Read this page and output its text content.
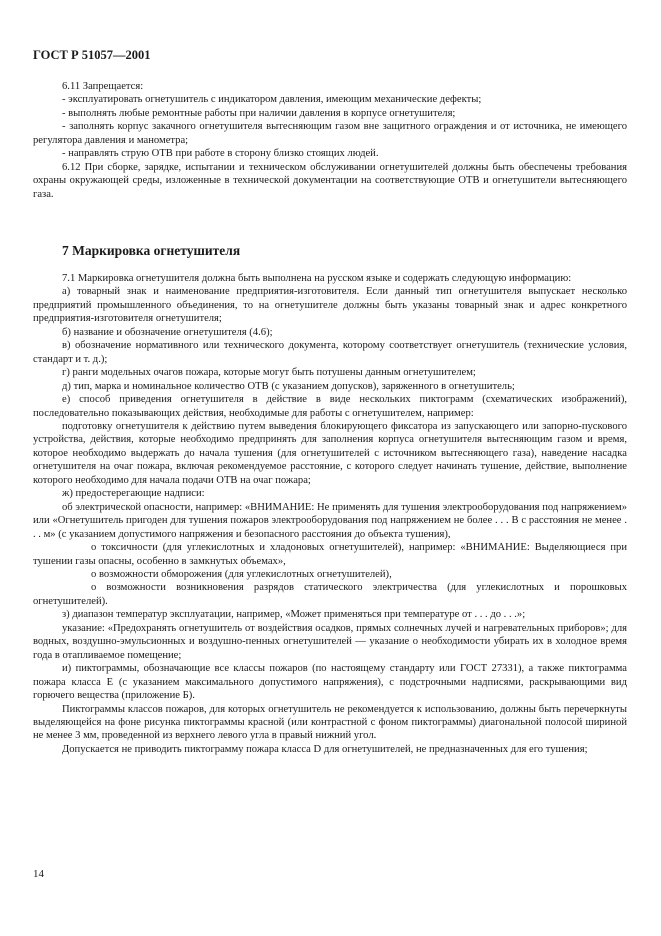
ГОСТ Р 51057—2001

6.11 Запрещается:

- эксплуатировать огнетушитель с индикатором давления, имеющим механические дефекты;

- выполнять любые ремонтные работы при наличии давления в корпусе огнетушителя;

- заполнять корпус закачного огнетушителя вытесняющим газом вне защитного ограждения и от источника, не имеющего регулятора давления и манометра;

- направлять струю ОТВ при работе в сторону близко стоящих людей.

6.12 При сборке, зарядке, испытании и техническом обслуживании огнетушителей должны быть обеспечены требования охраны окружающей среды, изложенные в технической документации на соответствующие ОТВ и огнетушители вытесняющего газа.

7 Маркировка огнетушителя

7.1 Маркировка огнетушителя должна быть выполнена на русском языке и содержать следующую информацию:

а) товарный знак и наименование предприятия-изготовителя. Если данный тип огнетушителя выпускает несколько предприятий промышленного объединения, то на огнетушителе должны быть указаны товарный знак и адрес конкретного предприятия-изготовителя огнетушителя;

б) название и обозначение огнетушителя (4.6);

в) обозначение нормативного или технического документа, которому соответствует огнетушитель (технические условия, стандарт и т. д.);

г) ранги модельных очагов пожара, которые могут быть потушены данным огнетушителем;

д) тип, марка и номинальное количество ОТВ (с указанием допусков), заряженного в огнетушитель;

е) способ приведения огнетушителя в действие в виде нескольких пиктограмм (схематических изображений), последовательно показывающих действия, необходимые для работы с огнетушителем, например:

подготовку огнетушителя к действию путем выведения блокирующего фиксатора из запускающего или запорно-пускового устройства, действия, которые необходимо предпринять для заполнения корпуса огнетушителя вытесняющим газом и время, которое необходимо выдержать до начала тушения (для огнетушителей с источником вытесняющего газа), наведение насадка огнетушителя на очаг пожара, включая рекомендуемое расстояние, с которого следует начинать тушение, действие, выполнение которого необходимо для начала подачи ОТВ на очаг пожара;

ж) предостерегающие надписи:

об электрической опасности, например: «ВНИМАНИЕ: Не применять для тушения электрооборудования под напряжением» или «Огнетушитель пригоден для тушения пожаров электрооборудования под напряжением не более . . . В с расстояния не менее . . . м» (с указанием допустимого напряжения и безопасного расстояния до объекта тушения),

о токсичности (для углекислотных и хладоновых огнетушителей), например: «ВНИМАНИЕ: Выделяющиеся при тушении газы опасны, особенно в замкнутых объемах»,

о возможности обморожения (для углекислотных огнетушителей),

о возможности возникновения разрядов статического электричества (для углекислотных и порошковых огнетушителей).

з) диапазон температур эксплуатации, например, «Может применяться при температуре от . . . до . . .»;

указание: «Предохранять огнетушитель от воздействия осадков, прямых солнечных лучей и нагревательных приборов»; для водных, воздушно-эмульсионных и воздушно-пенных огнетушителей — указание о необходимости убирать их в холодное время года в отапливаемое помещение;

и) пиктограммы, обозначающие все классы пожаров (по настоящему стандарту или ГОСТ 27331), а также пиктограмма пожара класса Е (с указанием максимального допустимого напряжения), с подстрочными надписями, раскрывающими вид горючего вещества (приложение Б).

Пиктограммы классов пожаров, для которых огнетушитель не рекомендуется к использованию, должны быть перечеркнуты выделяющейся на фоне рисунка пиктограммы красной (или контрастной с фоном пиктограммы) диагональной полосой шириной не менее 3 мм, проведенной из верхнего левого угла в правый нижний угол.

Допускается не приводить пиктограмму пожара класса D для огнетушителей, не предназначенных для его тушения;

14
